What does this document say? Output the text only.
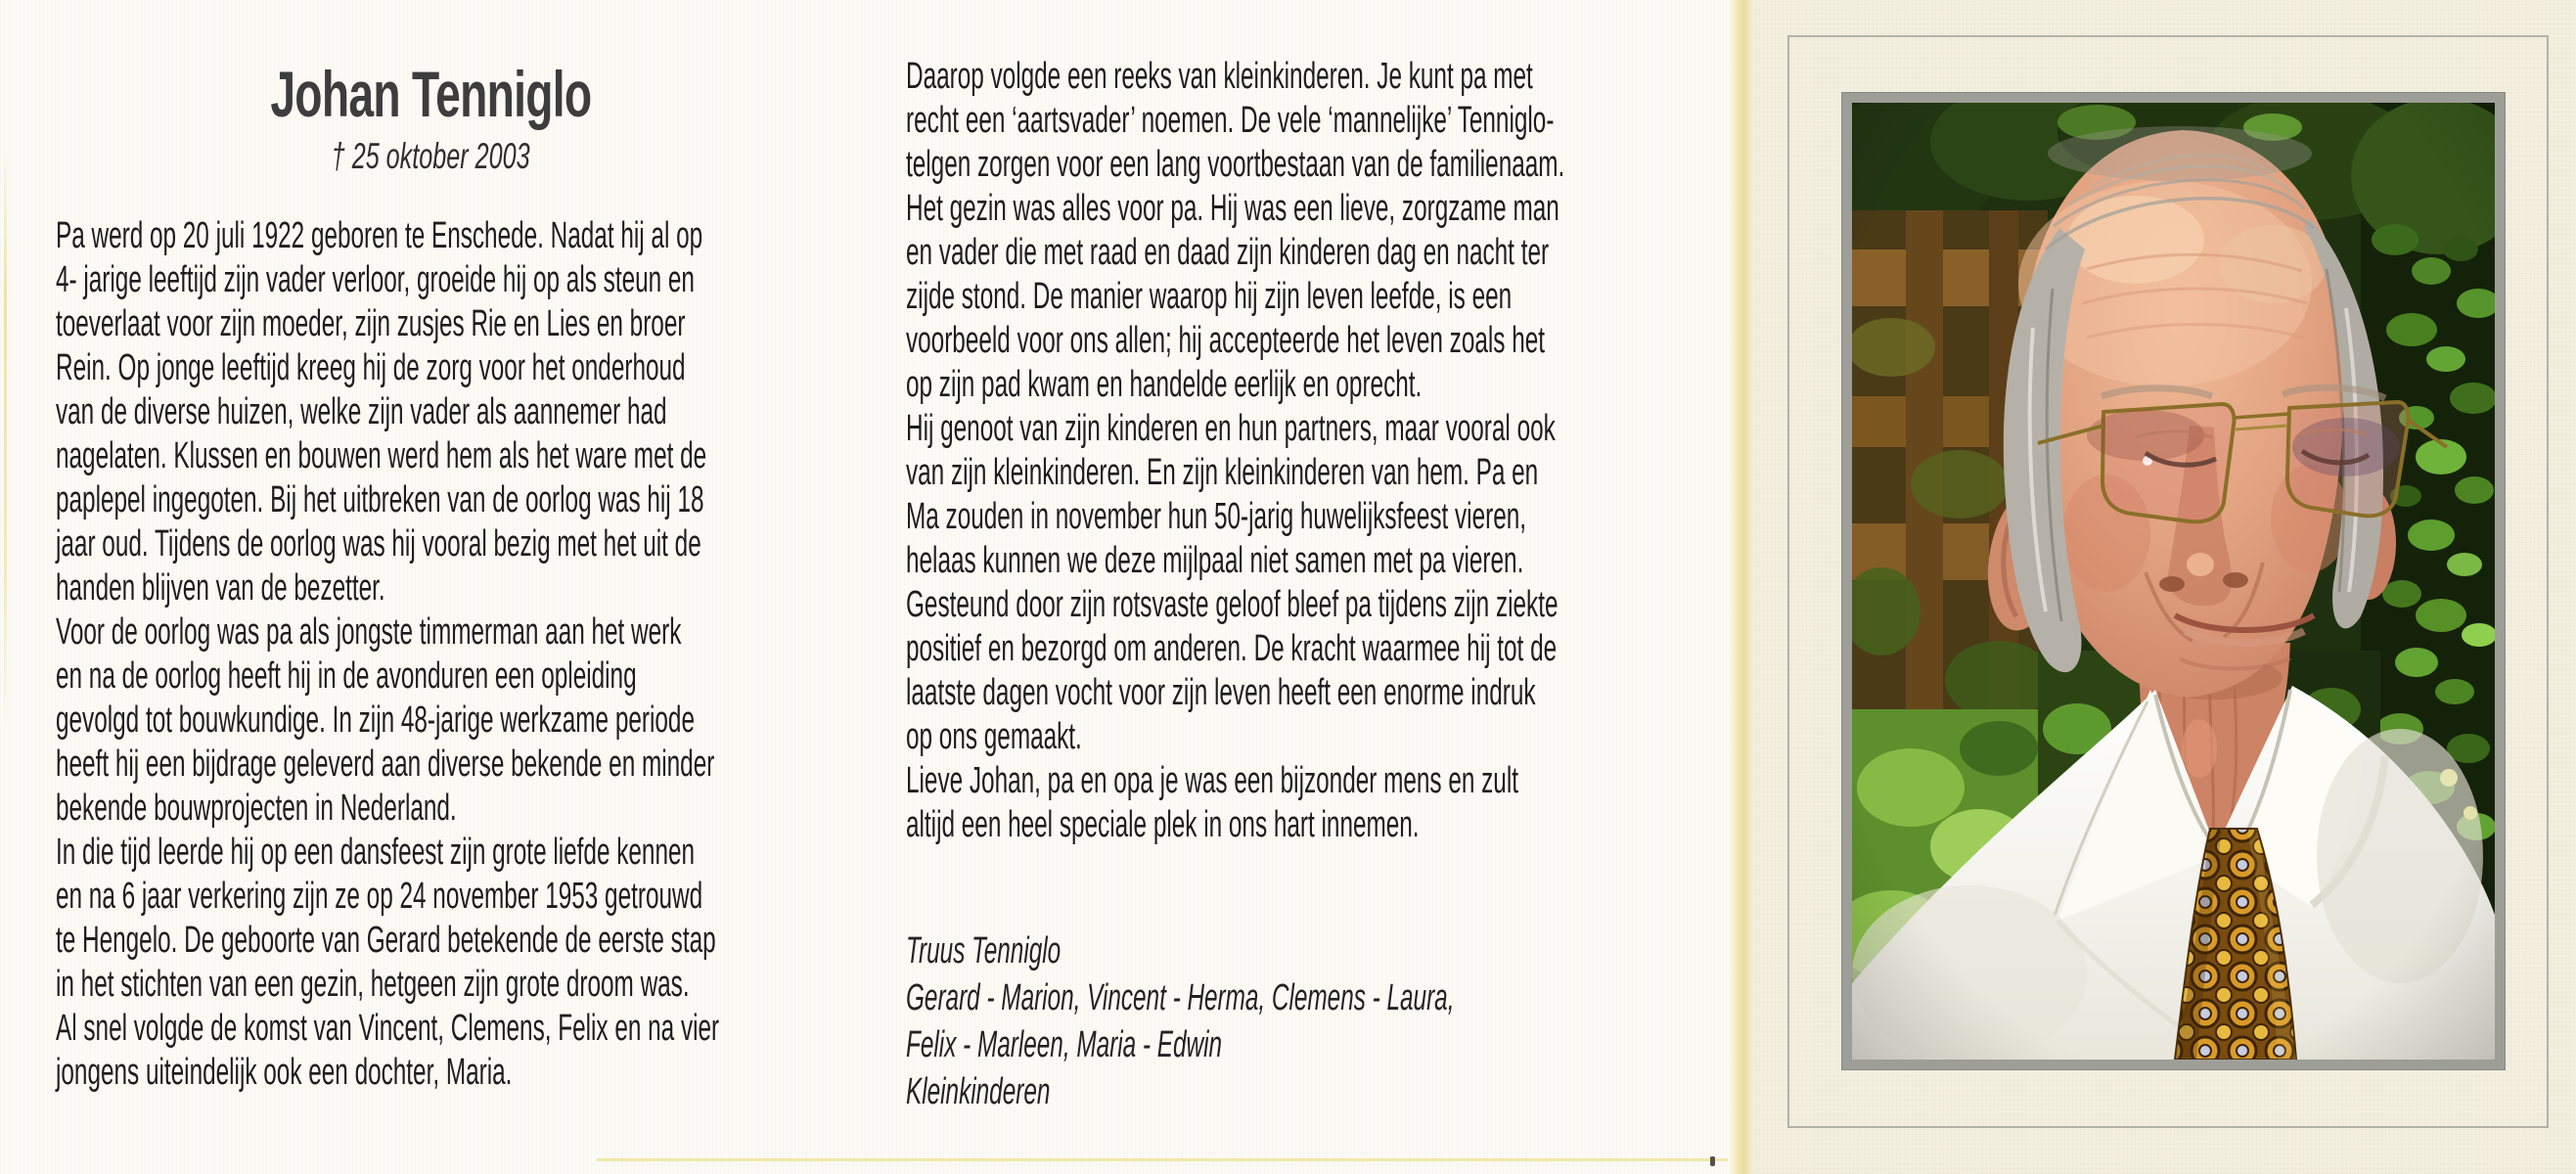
Johan Tenniglo
† 25 oktober 2003
Pa werd op 20 juli 1922 geboren te Enschede. Nadat hij al op
4- jarige leeftijd zijn vader verloor, groeide hij op als steun en
toeverlaat voor zijn moeder, zijn zusjes Rie en Lies en broer
Rein. Op jonge leeftijd kreeg hij de zorg voor het onderhoud
van de diverse huizen, welke zijn vader als aannemer had
nagelaten. Klussen en bouwen werd hem als het ware met de
paplepel ingegoten. Bij het uitbreken van de oorlog was hij 18
jaar oud. Tijdens de oorlog was hij vooral bezig met het uit de
handen blijven van de bezetter.
Voor de oorlog was pa als jongste timmerman aan het werk
en na de oorlog heeft hij in de avonduren een opleiding
gevolgd tot bouwkundige. In zijn 48-jarige werkzame periode
heeft hij een bijdrage geleverd aan diverse bekende en minder
bekende bouwprojecten in Nederland.
In die tijd leerde hij op een dansfeest zijn grote liefde kennen
en na 6 jaar verkering zijn ze op 24 november 1953 getrouwd
te Hengelo. De geboorte van Gerard betekende de eerste stap
in het stichten van een gezin, hetgeen zijn grote droom was.
Al snel volgde de komst van Vincent, Clemens, Felix en na vier
jongens uiteindelijk ook een dochter, Maria.
Daarop volgde een reeks van kleinkinderen. Je kunt pa met
recht een ‘aartsvader’ noemen. De vele ‘mannelijke’ Tenniglo-
telgen zorgen voor een lang voortbestaan van de familienaam.
Het gezin was alles voor pa. Hij was een lieve, zorgzame man
en vader die met raad en daad zijn kinderen dag en nacht ter
zijde stond. De manier waarop hij zijn leven leefde, is een
voorbeeld voor ons allen; hij accepteerde het leven zoals het
op zijn pad kwam en handelde eerlijk en oprecht.
Hij genoot van zijn kinderen en hun partners, maar vooral ook
van zijn kleinkinderen. En zijn kleinkinderen van hem. Pa en
Ma zouden in november hun 50-jarig huwelijksfeest vieren,
helaas kunnen we deze mijlpaal niet samen met pa vieren.
Gesteund door zijn rotsvaste geloof bleef pa tijdens zijn ziekte
positief en bezorgd om anderen. De kracht waarmee hij tot de
laatste dagen vocht voor zijn leven heeft een enorme indruk
op ons gemaakt.
Lieve Johan, pa en opa je was een bijzonder mens en zult
altijd een heel speciale plek in ons hart innemen.
Truus Tenniglo
Gerard - Marion, Vincent - Herma, Clemens - Laura,
Felix - Marleen, Maria - Edwin
Kleinkinderen
